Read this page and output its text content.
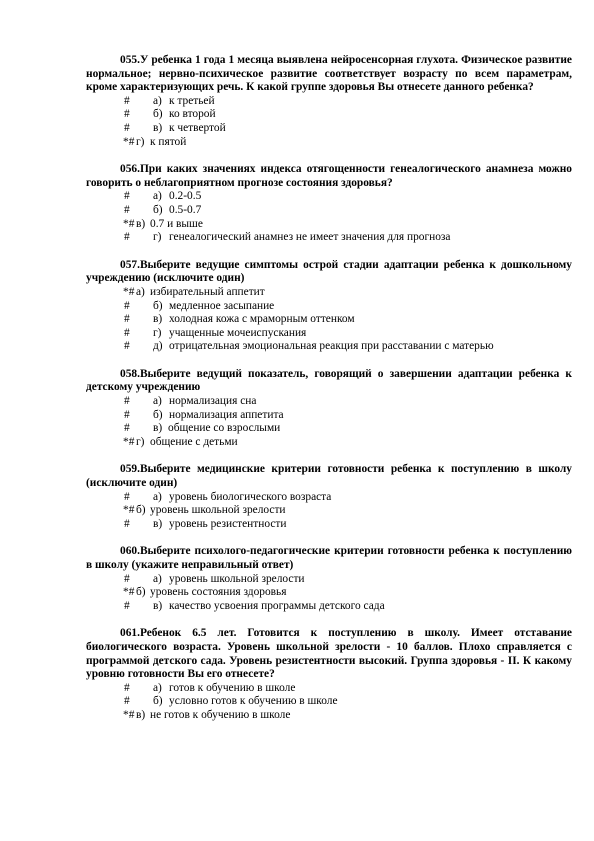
055.У ребенка 1 года 1 месяца выявлена нейросенсорная глухота. Физическое развитие нормальное; нервно-психическое развитие соответствует возрасту по всем параметрам, кроме характеризующих речь. К какой группе здоровья Вы отнесете данного ребенка?
# а) к третьей
# б) ко второй
# в) к четвертой
*# г) к пятой
056.При каких значениях индекса отягощенности генеалогического анамнеза можно говорить о неблагоприятном прогнозе состояния здоровья?
# а) 0.2-0.5
# б) 0.5-0.7
*# в) 0.7 и выше
# г) генеалогический анамнез не имеет значения для прогноза
057.Выберите ведущие симптомы острой стадии адаптации ребенка к дошкольному учреждению (исключите один)
*# а) избирательный аппетит
# б) медленное засыпание
# в) холодная кожа с мраморным оттенком
# г) учащенные мочеиспускания
# д) отрицательная эмоциональная реакция при расставании с матерью
058.Выберите ведущий показатель, говорящий о завершении адаптации ребенка к детскому учреждению
# а) нормализация сна
# б) нормализация аппетита
# в) общение со взрослыми
*# г) общение с детьми
059.Выберите медицинские критерии готовности ребенка к поступлению в школу (исключите один)
# а) уровень биологического возраста
*# б) уровень школьной зрелости
# в) уровень резистентности
060.Выберите психолого-педагогические критерии готовности ребенка к поступлению в школу (укажите неправильный ответ)
# а) уровень школьной зрелости
*# б) уровень состояния здоровья
# в) качество усвоения программы детского сада
061.Ребенок 6.5 лет. Готовится к поступлению в школу. Имеет отставание биологического возраста. Уровень школьной зрелости - 10 баллов. Плохо справляется с программой детского сада. Уровень резистентности высокий. Группа здоровья - II. К какому уровню готовности Вы его отнесете?
# а) готов к обучению в школе
# б) условно готов к обучению в школе
*# в) не готов к обучению в школе
